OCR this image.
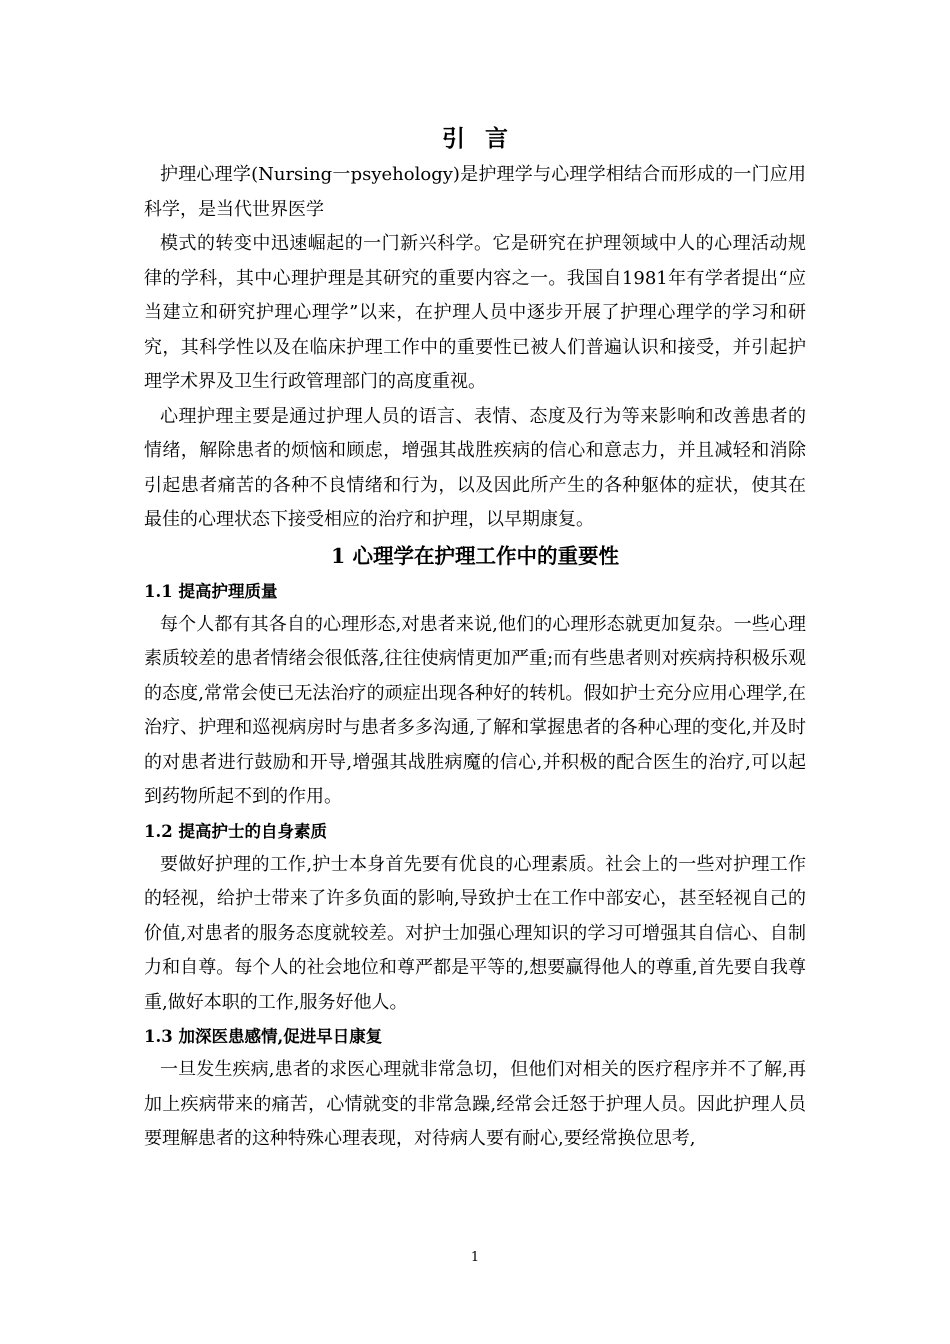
引言

护理心理学(Nursing一psyehology)是护理学与心理学相结合而形成的一门应用科学，是当代世界医学

模式的转变中迅速崛起的一门新兴科学。它是研究在护理领域中人的心理活动规律的学科，其中心理护理是其研究的重要内容之一。我国自1981年有学者提出“应当建立和研究护理心理学”以来，在护理人员中逐步开展了护理心理学的学习和研究，其科学性以及在临床护理工作中的重要性已被人们普遍认识和接受，并引起护理学术界及卫生行政管理部门的高度重视。

心理护理主要是通过护理人员的语言、表情、态度及行为等来影响和改善患者的情绪，解除患者的烦恼和顾虑，增强其战胜疾病的信心和意志力，并且减轻和消除引起患者痛苦的各种不良情绪和行为，以及因此所产生的各种躯体的症状，使其在最佳的心理状态下接受相应的治疗和护理，以早期康复。

1 心理学在护理工作中的重要性
1.1 提高护理质量

每个人都有其各自的心理形态,对患者来说,他们的心理形态就更加复杂。一些心理素质较差的患者情绪会很低落,往往使病情更加严重;而有些患者则对疾病持积极乐观的态度,常常会使已无法治疗的顽症出现各种好的转机。假如护士充分应用心理学,在治疗、护理和巡视病房时与患者多多沟通,了解和掌握患者的各种心理的变化,并及时的对患者进行鼓励和开导,增强其战胜病魔的信心,并积极的配合医生的治疗,可以起到药物所起不到的作用。

1.2 提高护士的自身素质

要做好护理的工作,护士本身首先要有优良的心理素质。社会上的一些对护理工作的轻视，给护士带来了许多负面的影响,导致护士在工作中部安心，甚至轻视自己的价值,对患者的服务态度就较差。对护士加强心理知识的学习可增强其自信心、自制力和自尊。每个人的社会地位和尊严都是平等的,想要赢得他人的尊重,首先要自我尊重,做好本职的工作,服务好他人。

1.3 加深医患感情,促进早日康复

一旦发生疾病,患者的求医心理就非常急切，但他们对相关的医疗程序并不了解,再加上疾病带来的痛苦，心情就变的非常急躁,经常会迁怒于护理人员。因此护理人员要理解患者的这种特殊心理表现，对待病人要有耐心,要经常换位思考,

1
